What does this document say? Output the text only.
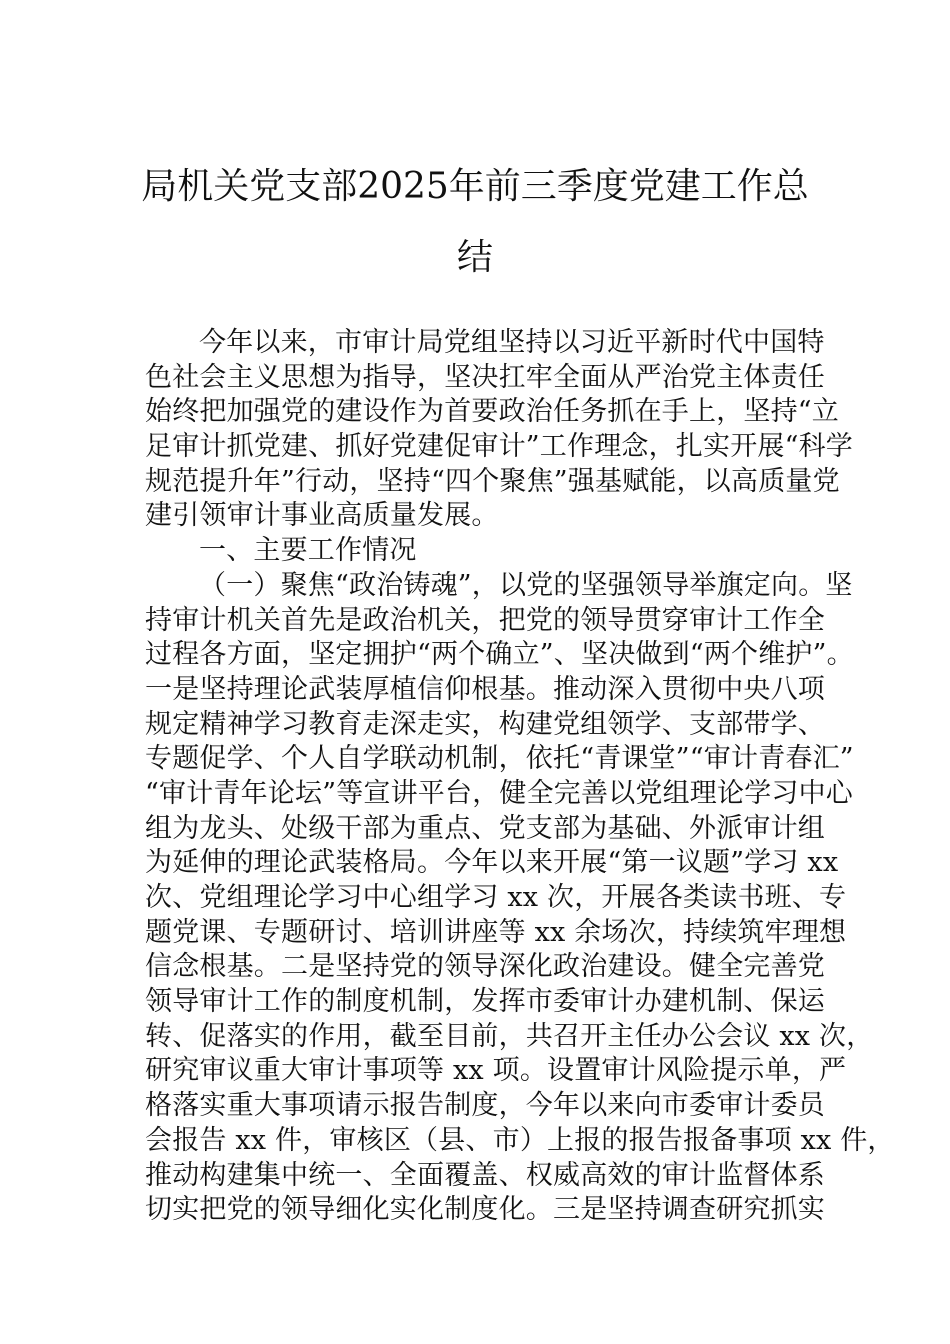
局机关党支部2025年前三季度党建工作总
结
今年以来，市审计局党组坚持以习近平新时代中国特
色社会主义思想为指导，坚决扛牢全面从严治党主体责任
始终把加强党的建设作为首要政治任务抓在手上，坚持“立
足审计抓党建、抓好党建促审计”工作理念，扎实开展“科学
规范提升年”行动，坚持“四个聚焦”强基赋能，以高质量党
建引领审计事业高质量发展。
一、主要工作情况
（一）聚焦“政治铸魂”，以党的坚强领导举旗定向。坚
持审计机关首先是政治机关，把党的领导贯穿审计工作全
过程各方面，坚定拥护“两个确立”、坚决做到“两个维护”。
一是坚持理论武装厚植信仰根基。推动深入贯彻中央八项
规定精神学习教育走深走实，构建党组领学、支部带学、
专题促学、个人自学联动机制，依托“青课堂”“审计青春汇”
“审计青年论坛”等宣讲平台，健全完善以党组理论学习中心
组为龙头、处级干部为重点、党支部为基础、外派审计组
为延伸的理论武装格局。今年以来开展“第一议题”学习 xx
次、党组理论学习中心组学习 xx 次，开展各类读书班、专
题党课、专题研讨、培训讲座等 xx 余场次，持续筑牢理想
信念根基。二是坚持党的领导深化政治建设。健全完善党
领导审计工作的制度机制，发挥市委审计办建机制、保运
转、促落实的作用，截至目前，共召开主任办公会议 xx 次，
研究审议重大审计事项等 xx 项。设置审计风险提示单，严
格落实重大事项请示报告制度，今年以来向市委审计委员
会报告 xx 件，审核区（县、市）上报的报告报备事项 xx 件，
推动构建集中统一、全面覆盖、权威高效的审计监督体系
切实把党的领导细化实化制度化。三是坚持调查研究抓实
